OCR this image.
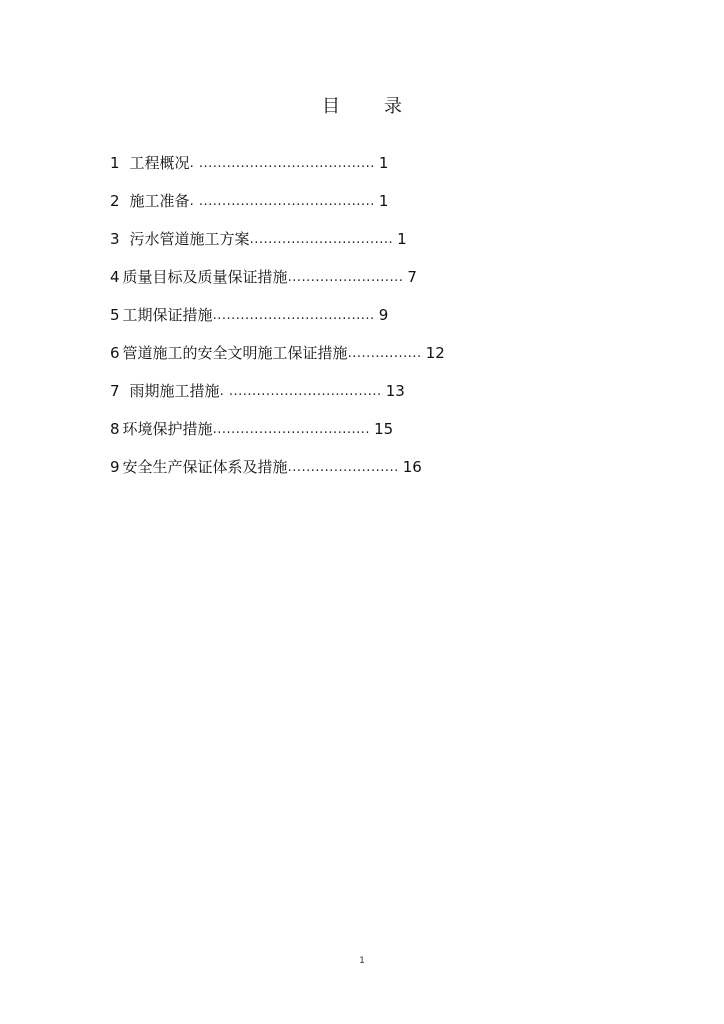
目 录
1 工程概况 . ...................................... 1
2 施工准备 . ...................................... 1
3 污水管道施工方案 ............................... 1
4 质量目标及质量保证措施 ......................... 7
5 工期保证措施 ................................... 9
6 管道施工的安全文明施工保证措施 ................ 12
7 雨期施工措施 . ................................. 13
8 环境保护措施 .................................. 15
9 安全生产保证体系及措施 ........................ 16
1
